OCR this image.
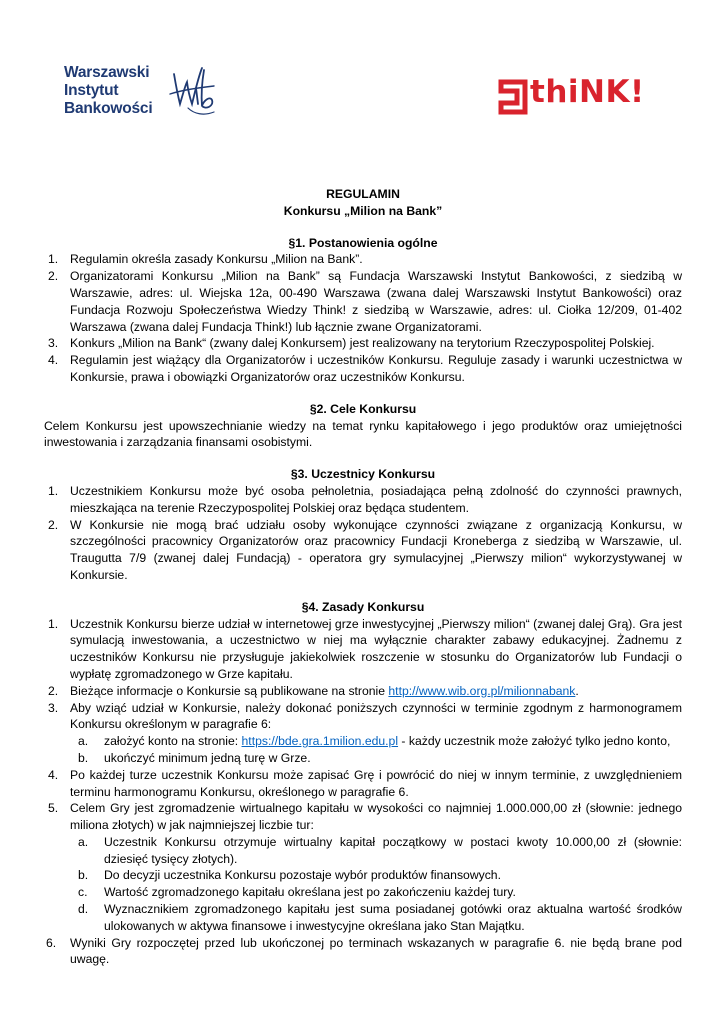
Warszawski
Instytut
Bankowości	thiNK!
REGULAMIN
Konkursu „Milion na Bank”
§1. Postanowienia ogólne
1. Regulamin określa zasady Konkursu „Milion na Bank”.
2. Organizatorami Konkursu „Milion na Bank” są Fundacja Warszawski Instytut Bankowości, z siedzibą w Warszawie, adres: ul. Wiejska 12a, 00-490 Warszawa (zwana dalej Warszawski Instytut Bankowości) oraz Fundacja Rozwoju Społeczeństwa Wiedzy Think! z siedzibą w Warszawie, adres: ul. Ciołka 12/209, 01-402 Warszawa (zwana dalej Fundacja Think!) lub łącznie zwane Organizatorami.
3. Konkurs „Milion na Bank“ (zwany dalej Konkursem) jest realizowany na terytorium Rzeczypospolitej Polskiej.
4. Regulamin jest wiążący dla Organizatorów i uczestników Konkursu. Reguluje zasady i warunki uczestnictwa w Konkursie, prawa i obowiązki Organizatorów oraz uczestników Konkursu.
§2. Cele Konkursu

Celem Konkursu jest upowszechnianie wiedzy na temat rynku kapitałowego i jego produktów oraz umiejętności inwestowania i zarządzania finansami osobistymi.

§3. Uczestnicy Konkursu
1. Uczestnikiem Konkursu może być osoba pełnoletnia, posiadająca pełną zdolność do czynności prawnych, mieszkająca na terenie Rzeczypospolitej Polskiej oraz będąca studentem.
2. W Konkursie nie mogą brać udziału osoby wykonujące czynności związane z organizacją Konkursu, w szczególności pracownicy Organizatorów oraz pracownicy Fundacji Kroneberga z siedzibą w Warszawie, ul. Traugutta 7/9 (zwanej dalej Fundacją) - operatora gry symulacyjnej „Pierwszy milion“ wykorzystywanej w Konkursie.
§4. Zasady Konkursu
1. Uczestnik Konkursu bierze udział w internetowej grze inwestycyjnej „Pierwszy milion“ (zwanej dalej Grą). Gra jest symulacją inwestowania, a uczestnictwo w niej ma wyłącznie charakter zabawy edukacyjnej. Żadnemu z uczestników Konkursu nie przysługuje jakiekolwiek roszczenie w stosunku do Organizatorów lub Fundacji o wypłatę zgromadzonego w Grze kapitału.
2. Bieżące informacje o Konkursie są publikowane na stronie http://www.wib.org.pl/milionnabank.
3. Aby wziąć udział w Konkursie, należy dokonać poniższych czynności w terminie zgodnym z harmonogramem Konkursu określonym w paragrafie 6:
a. założyć konto na stronie: https://bde.gra.1milion.edu.pl - każdy uczestnik może założyć tylko jedno konto,
b. ukończyć minimum jedną turę w Grze.
4. Po każdej turze uczestnik Konkursu może zapisać Grę i powrócić do niej w innym terminie, z uwzględnieniem terminu harmonogramu Konkursu, określonego w paragrafie 6.
5. Celem Gry jest zgromadzenie wirtualnego kapitału w wysokości co najmniej 1.000.000,00 zł (słownie: jednego miliona złotych) w jak najmniejszej liczbie tur:
a. Uczestnik Konkursu otrzymuje wirtualny kapitał początkowy w postaci kwoty 10.000,00 zł (słownie: dziesięć tysięcy złotych).
b. Do decyzji uczestnika Konkursu pozostaje wybór produktów finansowych.
c. Wartość zgromadzonego kapitału określana jest po zakończeniu każdej tury.
d. Wyznacznikiem zgromadzonego kapitału jest suma posiadanej gotówki oraz aktualna wartość środków ulokowanych w aktywa finansowe i inwestycyjne określana jako Stan Majątku.
6. Wyniki Gry rozpoczętej przed lub ukończonej po terminach wskazanych w paragrafie 6. nie będą brane pod uwagę.
